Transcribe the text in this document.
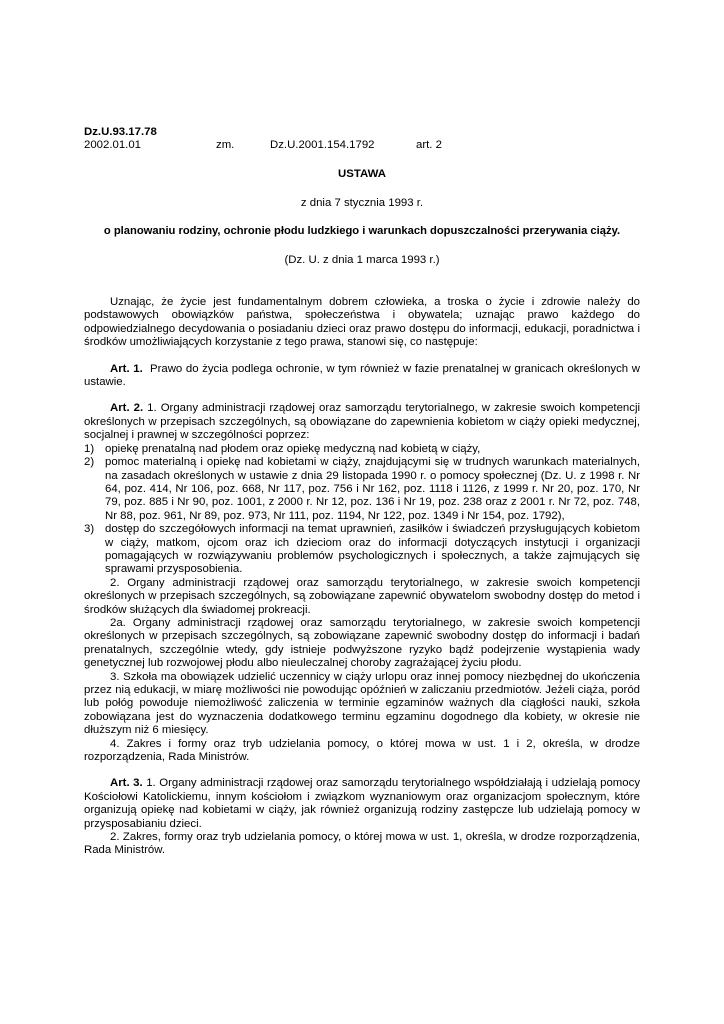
Dz.U.93.17.78
2002.01.01	zm.	Dz.U.2001.154.1792	art. 2
USTAWA
z dnia 7 stycznia 1993 r.
o planowaniu rodziny, ochronie płodu ludzkiego i warunkach dopuszczalności przerywania ciąży.
(Dz. U. z dnia 1 marca 1993 r.)

Uznając, że życie jest fundamentalnym dobrem człowieka, a troska o życie i zdrowie należy do podstawowych obowiązków państwa, społeczeństwa i obywatela; uznając prawo każdego do odpowiedzialnego decydowania o posiadaniu dzieci oraz prawo dostępu do informacji, edukacji, poradnictwa i środków umożliwiających korzystanie z tego prawa, stanowi się, co następuje:

Art. 1. Prawo do życia podlega ochronie, w tym również w fazie prenatalnej w granicach określonych w ustawie.

Art. 2. 1. Organy administracji rządowej oraz samorządu terytorialnego, w zakresie swoich kompetencji określonych w przepisach szczególnych, są obowiązane do zapewnienia kobietom w ciąży opieki medycznej, socjalnej i prawnej w szczególności poprzez:

1) opiekę prenatalną nad płodem oraz opiekę medyczną nad kobietą w ciąży,
2) pomoc materialną i opiekę nad kobietami w ciąży, znajdującymi się w trudnych warunkach materialnych, na zasadach określonych w ustawie z dnia 29 listopada 1990 r. o pomocy społecznej (Dz. U. z 1998 r. Nr 64, poz. 414, Nr 106, poz. 668, Nr 117, poz. 756 i Nr 162, poz. 1118 i 1126, z 1999 r. Nr 20, poz. 170, Nr 79, poz. 885 i Nr 90, poz. 1001, z 2000 r. Nr 12, poz. 136 i Nr 19, poz. 238 oraz z 2001 r. Nr 72, poz. 748, Nr 88, poz. 961, Nr 89, poz. 973, Nr 111, poz. 1194, Nr 122, poz. 1349 i Nr 154, poz. 1792),
3) dostęp do szczegółowych informacji na temat uprawnień, zasiłków i świadczeń przysługujących kobietom w ciąży, matkom, ojcom oraz ich dzieciom oraz do informacji dotyczących instytucji i organizacji pomagających w rozwiązywaniu problemów psychologicznych i społecznych, a także zajmujących się sprawami przysposobienia.

2. Organy administracji rządowej oraz samorządu terytorialnego, w zakresie swoich kompetencji określonych w przepisach szczególnych, są zobowiązane zapewnić obywatelom swobodny dostęp do metod i środków służących dla świadomej prokreacji.

2a. Organy administracji rządowej oraz samorządu terytorialnego, w zakresie swoich kompetencji określonych w przepisach szczególnych, są zobowiązane zapewnić swobodny dostęp do informacji i badań prenatalnych, szczególnie wtedy, gdy istnieje podwyższone ryzyko bądź podejrzenie wystąpienia wady genetycznej lub rozwojowej płodu albo nieuleczalnej choroby zagrażającej życiu płodu.

3. Szkoła ma obowiązek udzielić uczennicy w ciąży urlopu oraz innej pomocy niezbędnej do ukończenia przez nią edukacji, w miarę możliwości nie powodując opóźnień w zaliczaniu przedmiotów. Jeżeli ciąża, poród lub połóg powoduje niemożliwość zaliczenia w terminie egzaminów ważnych dla ciągłości nauki, szkoła zobowiązana jest do wyznaczenia dodatkowego terminu egzaminu dogodnego dla kobiety, w okresie nie dłuższym niż 6 miesięcy.

4. Zakres i formy oraz tryb udzielania pomocy, o której mowa w ust. 1 i 2, określa, w drodze rozporządzenia, Rada Ministrów.

Art. 3. 1. Organy administracji rządowej oraz samorządu terytorialnego współdziałają i udzielają pomocy Kościołowi Katolickiemu, innym kościołom i związkom wyznaniowym oraz organizacjom społecznym, które organizują opiekę nad kobietami w ciąży, jak również organizują rodziny zastępcze lub udzielają pomocy w przysposabianiu dzieci.

2. Zakres, formy oraz tryb udzielania pomocy, o której mowa w ust. 1, określa, w drodze rozporządzenia, Rada Ministrów.
